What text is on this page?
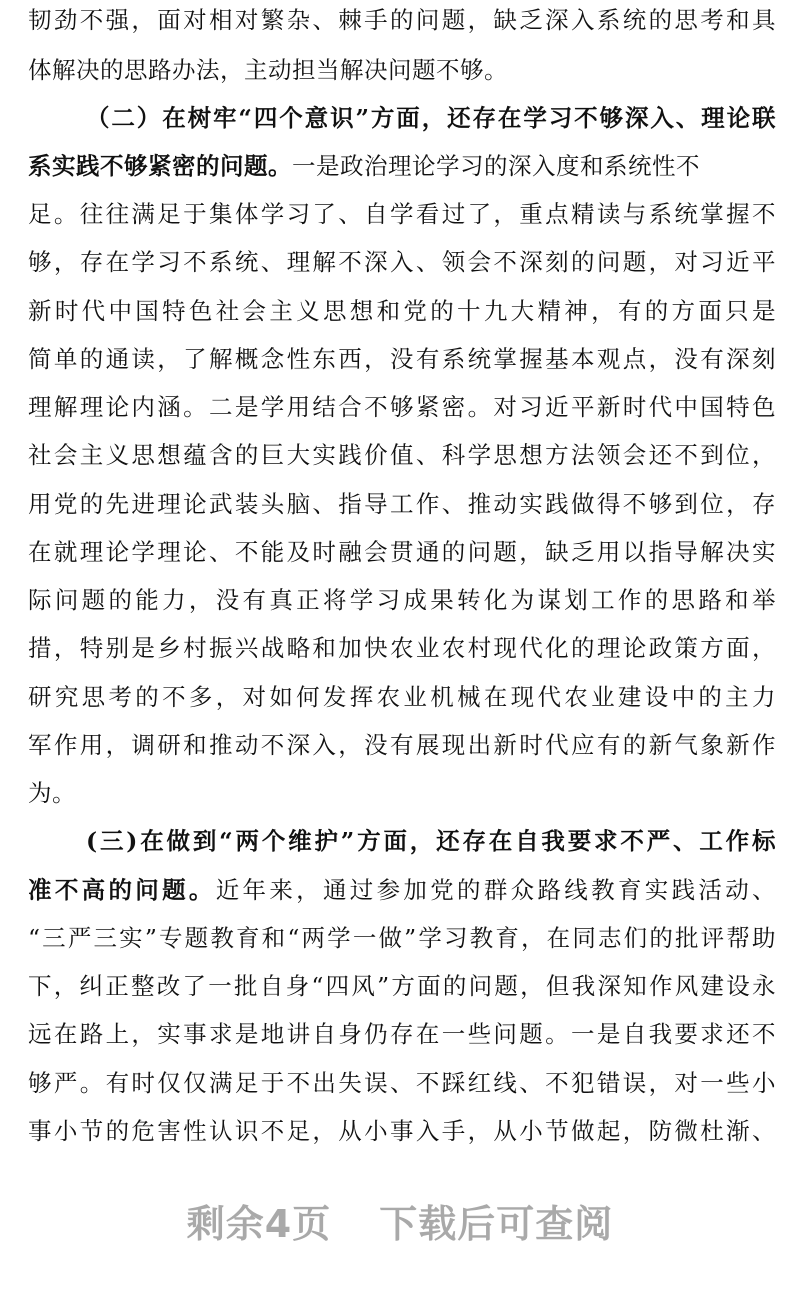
韧劲不强，面对相对繁杂、棘手的问题，缺乏深入系统的思考和具
体解决的思路办法，主动担当解决问题不够。
（二）在树牢“四个意识”方面，还存在学习不够深入、理论联
系实践不够紧密的问题。一是政治理论学习的深入度和系统性不
足。往往满足于集体学习了、自学看过了，重点精读与系统掌握不
够，存在学习不系统、理解不深入、领会不深刻的问题，对习近平
新时代中国特色社会主义思想和党的十九大精神，有的方面只是
简单的通读，了解概念性东西，没有系统掌握基本观点，没有深刻
理解理论内涵。二是学用结合不够紧密。对习近平新时代中国特色
社会主义思想蕴含的巨大实践价值、科学思想方法领会还不到位，
用党的先进理论武装头脑、指导工作、推动实践做得不够到位，存
在就理论学理论、不能及时融会贯通的问题，缺乏用以指导解决实
际问题的能力，没有真正将学习成果转化为谋划工作的思路和举
措，特别是乡村振兴战略和加快农业农村现代化的理论政策方面，
研究思考的不多，对如何发挥农业机械在现代农业建设中的主力
军作用，调研和推动不深入，没有展现出新时代应有的新气象新作
为。
(三)在做到“两个维护”方面，还存在自我要求不严、工作标
准不高的问题。近年来，通过参加党的群众路线教育实践活动、
“三严三实”专题教育和“两学一做”学习教育，在同志们的批评帮助
下，纠正整改了一批自身“四风”方面的问题，但我深知作风建设永
远在路上，实事求是地讲自身仍存在一些问题。一是自我要求还不
够严。有时仅仅满足于不出失误、不踩红线、不犯错误，对一些小
事小节的危害性认识不足，从小事入手，从小节做起，防微杜渐、
剩余4页 下载后可查阅
